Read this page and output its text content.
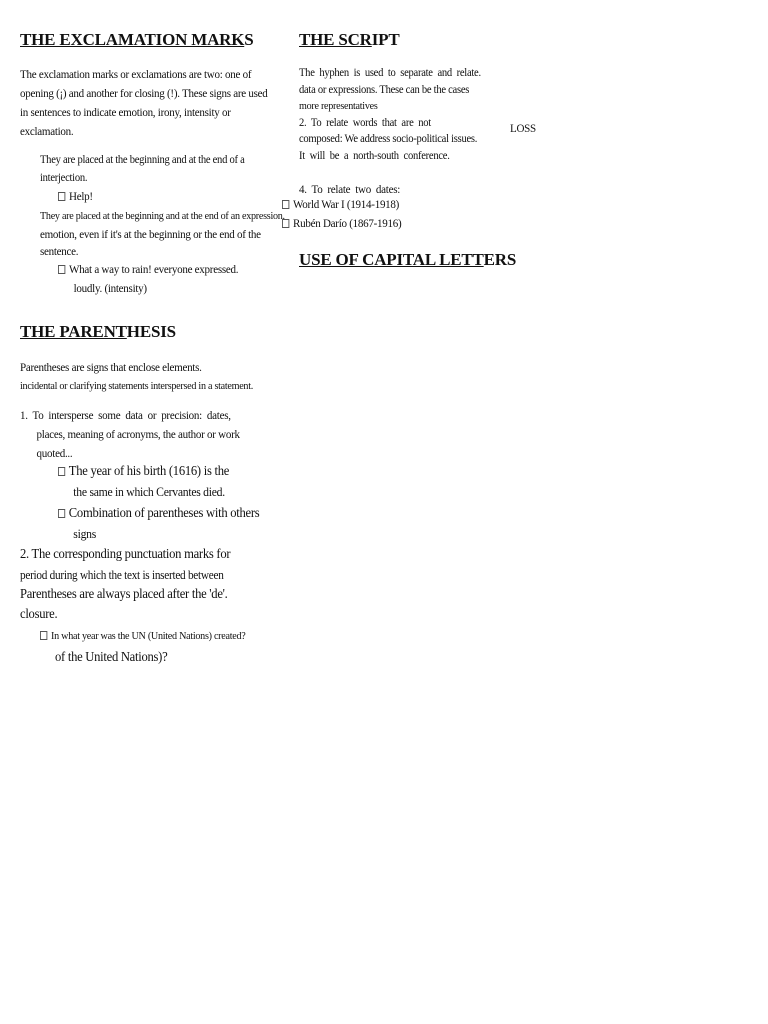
THE EXCLAMATION MARKS
The exclamation marks or exclamations are two: one of
opening (¡) and another for closing (!). These signs are used
in sentences to indicate emotion, irony, intensity or
exclamation.
They are placed at the beginning and at the end of a
interjection.
Help!
They are placed at the beginning and at the end of an expression.
emotion, even if it's at the beginning or the end of the
sentence.
What a way to rain! everyone expressed.
loudly. (intensity)
THE PARENTHESIS
Parentheses are signs that enclose elements.
incidental or clarifying statements interspersed in a statement.
1.  To  intersperse  some  data  or  precision:  dates,
places, meaning of acronyms, the author or work
quoted...
The year of his birth (1616) is the
the same in which Cervantes died.
Combination of parentheses with others
signs
2. The corresponding punctuation marks for
period during which the text is inserted between
Parentheses are always placed after the 'de'.
closure.
In what year was the UN (United Nations) created?
of the United Nations)?
THE SCRIPT
The  hyphen  is  used  to  separate  and  relate.
data or expressions. These can be the cases
more representatives
2.  To  relate  words  that  are  not
composed: We address socio-political issues.
It  will  be  a  north-south  conference.
LOSS
4.  To  relate  two  dates:
World War I (1914-1918)
Rubén Darío (1867-1916)
USE OF CAPITAL LETTERS
